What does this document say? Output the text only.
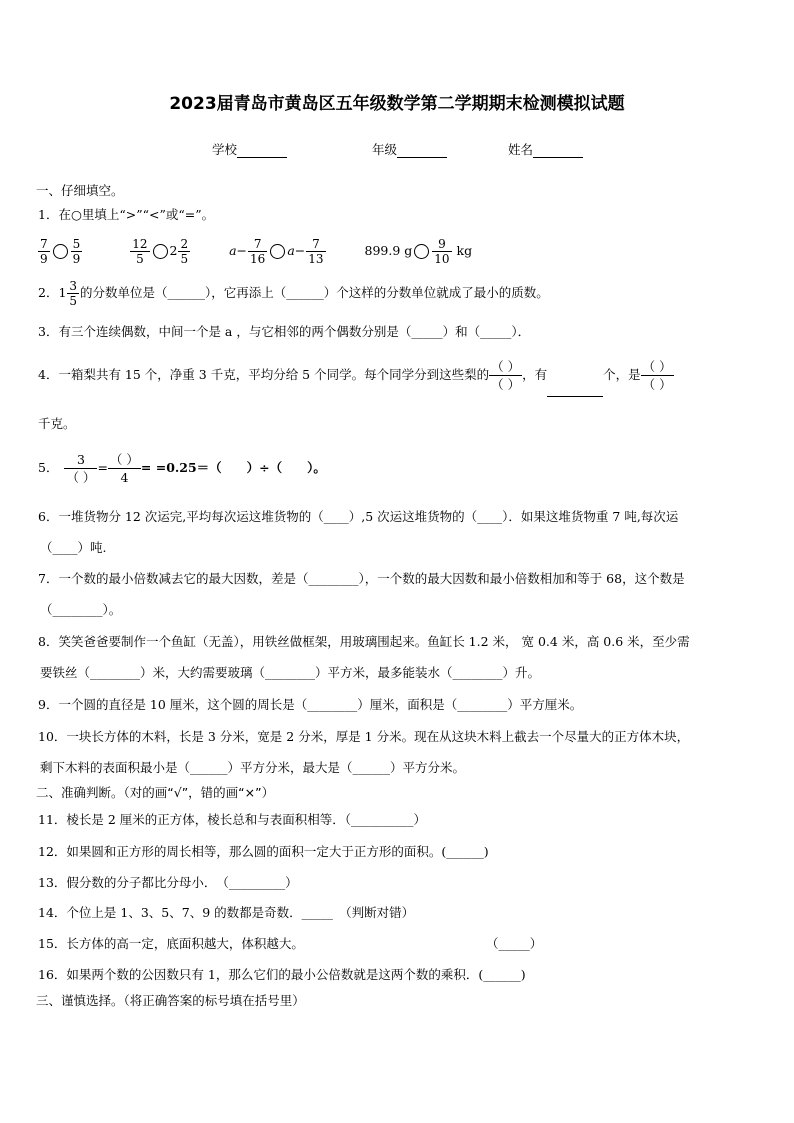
2023届青岛市黄岛区五年级数学第二学期期末检测模拟试题
学校	年级	姓名
一、仔细填空。
1．在○里填上“>”“<”或“=”。
$\frac{7}{9} \frac{5}{9}$
	$\frac{12}{5} 2 \frac{2}{5}$	$a- \frac{7}{16} a- \frac{7}{13}$	899.9 g $\frac{9}{10}$ kg
2．$1 \frac{3}{5}$ 的分数单位是（______），它再添上（______）个这样的分数单位就成了最小的质数。
3．有三个连续偶数，中间一个是 a ，与它相邻的两个偶数分别是（_____）和（_____）．
4．一箱梨共有 15 个，净重 3 千克，平均分给 5 个同学。每个同学分到这些梨的 $\frac{( )}{( )}$ ，有	个，是 $\frac{( )}{( )}$
千克。
5． $\frac{3}{( )} = \frac{( )}{4} = =0.25=$（　　）÷（　　）。
6．一堆货物分 12 次运完,平均每次运这堆货物的（____）,5 次运这堆货物的（____）．如果这堆货物重 7 吨,每次运
（____）吨.
7．一个数的最小倍数减去它的最大因数，差是（________），一个数的最大因数和最小倍数相加和等于 68，这个数是
（________）。
8．笑笑爸爸要制作一个鱼缸（无盖），用铁丝做框架，用玻璃围起来。鱼缸长 1.2 米， 宽 0.4 米，高 0.6 米，至少需
要铁丝（________）米，大约需要玻璃（________）平方米，最多能装水（________）升。
9．一个圆的直径是 10 厘米，这个圆的周长是（________）厘米，面积是（________）平方厘米。
10．一块长方体的木料，长是 3 分米，宽是 2 分米，厚是 1 分米。现在从这块木料上截去一个尽量大的正方体木块，
剩下木料的表面积最小是（______）平方分米，最大是（______）平方分米。
二、准确判断。（对的画“√”，错的画“×”）
11．棱长是 2 厘米的正方体，棱长总和与表面积相等．（__________）
12．如果圆和正方形的周长相等，那么圆的面积一定大于正方形的面积。(______)
13．假分数的分子都比分母小．　（_________）
14．个位上是 1、3、5、7、9 的数都是奇数．_____　（判断对错）
15．长方体的高一定，底面积越大，体积越大。	（_____）
16．如果两个数的公因数只有 1，那么它们的最小公倍数就是这两个数的乘积．(______)
三、谨慎选择。（将正确答案的标号填在括号里）
